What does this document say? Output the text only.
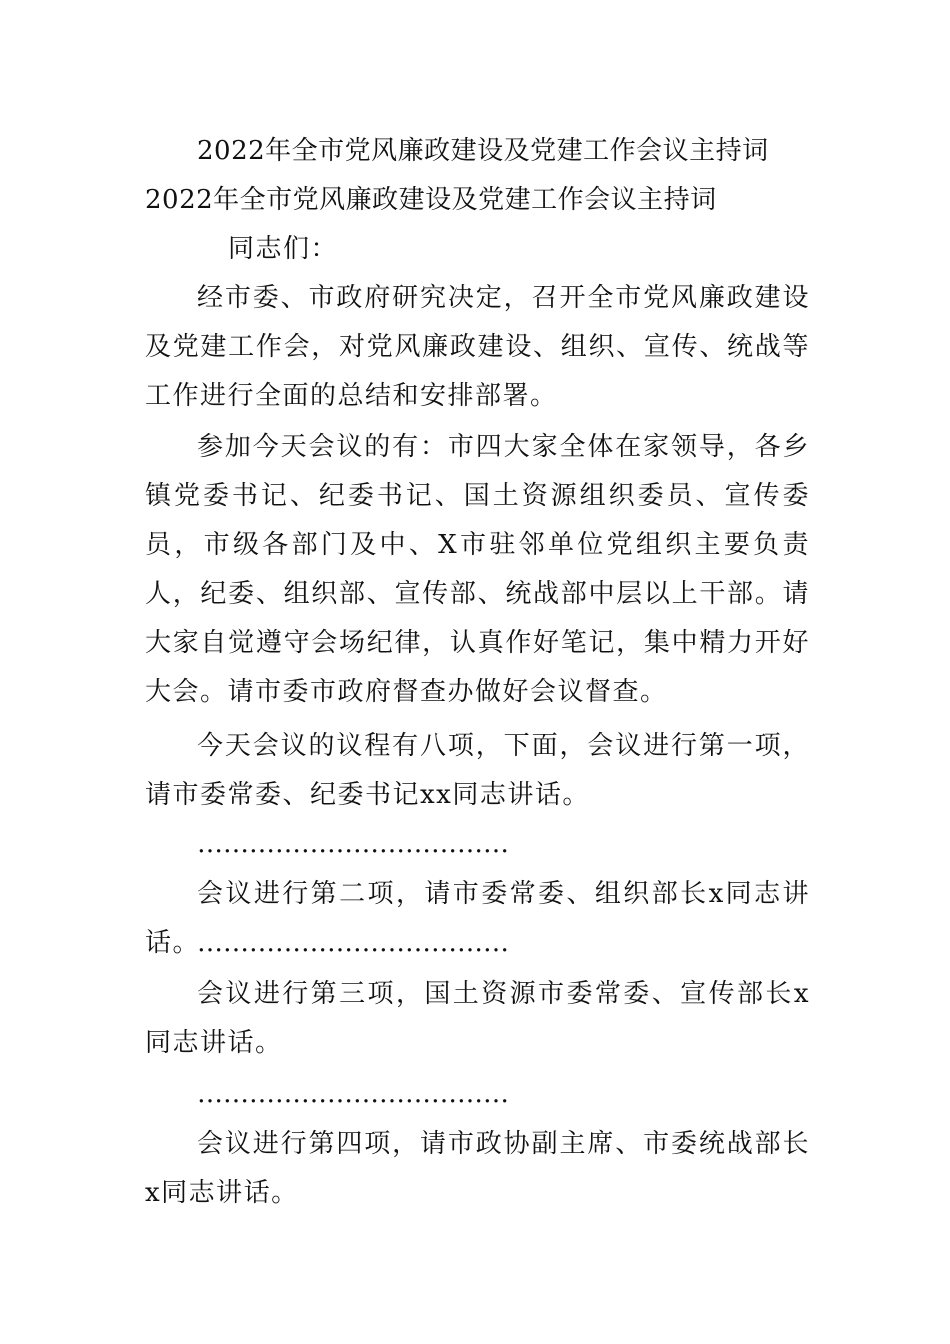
2022年全市党风廉政建设及党建工作会议主持词

2022年全市党风廉政建设及党建工作会议主持词

同志们：

经市委、市政府研究决定，召开全市党风廉政建设及党建工作会，对党风廉政建设、组织、宣传、统战等工作进行全面的总结和安排部署。

参加今天会议的有：市四大家全体在家领导，各乡镇党委书记、纪委书记、国土资源组织委员、宣传委员，市级各部门及中、X市驻邻单位党组织主要负责人，纪委、组织部、宣传部、统战部中层以上干部。请大家自觉遵守会场纪律，认真作好笔记，集中精力开好大会。请市委市政府督查办做好会议督查。

今天会议的议程有八项，下面，会议进行第一项，请市委常委、纪委书记xx同志讲话。

………………………………

会议进行第二项，请市委常委、组织部长x同志讲话。

………………………………

会议进行第三项，国土资源市委常委、宣传部长x同志讲话。

………………………………

会议进行第四项，请市政协副主席、市委统战部长x同志讲话。
